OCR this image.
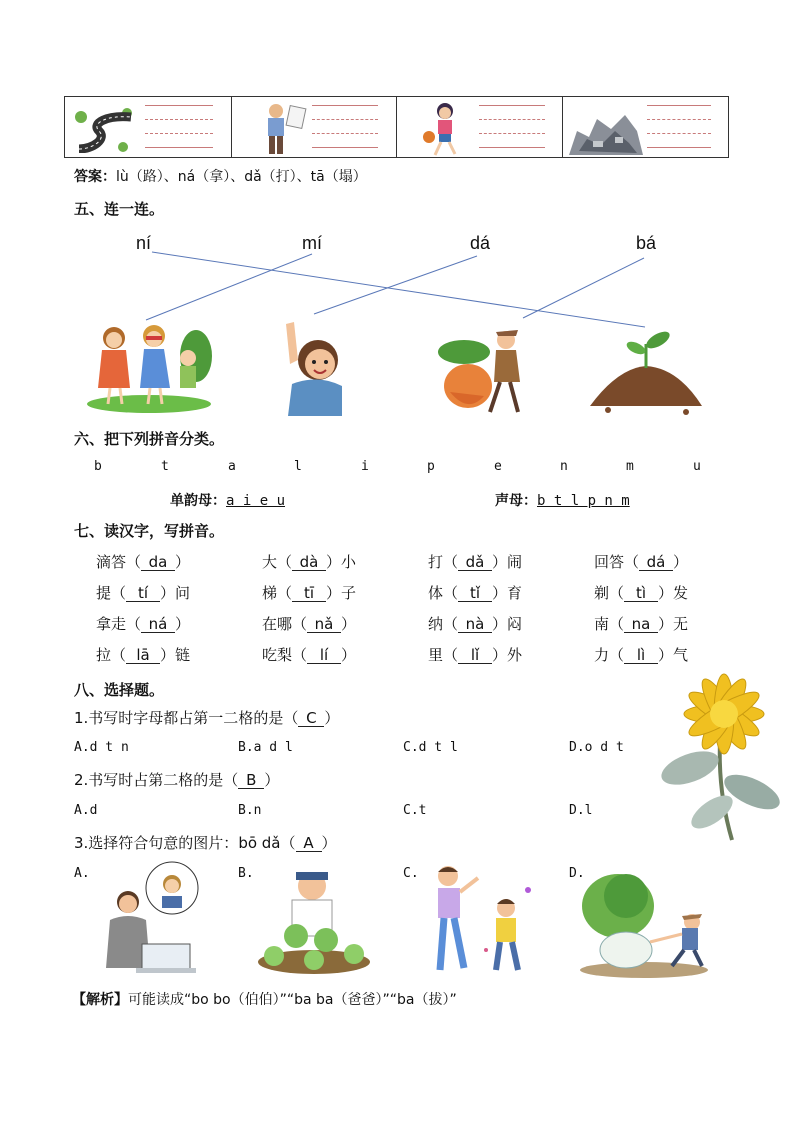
答案：lù（路）、ná（拿）、dǎ（打）、tā（塌）
五、连一连。
ní	mí	dá	bá
六、把下列拼音分类。
b	t	a	l	i	p	e	n	m	u
单韵母：a i e u	声母：b t l p n m
七、读汉字，写拼音。
滴答（ da ）	大（ dà ）小	打（ dǎ ）闹	回答（ dá ）
提（ tí ）问	梯（ tī ）子	体（ tǐ ）育	剃（ tì ）发
拿走（ ná ）	在哪（ nǎ ）	纳（ nà ）闷	南（ na ）无
拉（ lā ）链	吃梨（ lí ）	里（ lǐ ）外	力（ lì ）气
八、选择题。
1.书写时字母都占第一二格的是（ C ）
A.d t n	B.a d l	C.d t l	D.o d t
2.书写时占第二格的是（ B ）
A.d	B.n	C.t	D.l
3.选择符合句意的图片：bō dǎ（ A ）
A.	B.	C.	D.
【解析】可能读成“bo bo（伯伯）”“ba ba（爸爸）”“ba（拔）”
